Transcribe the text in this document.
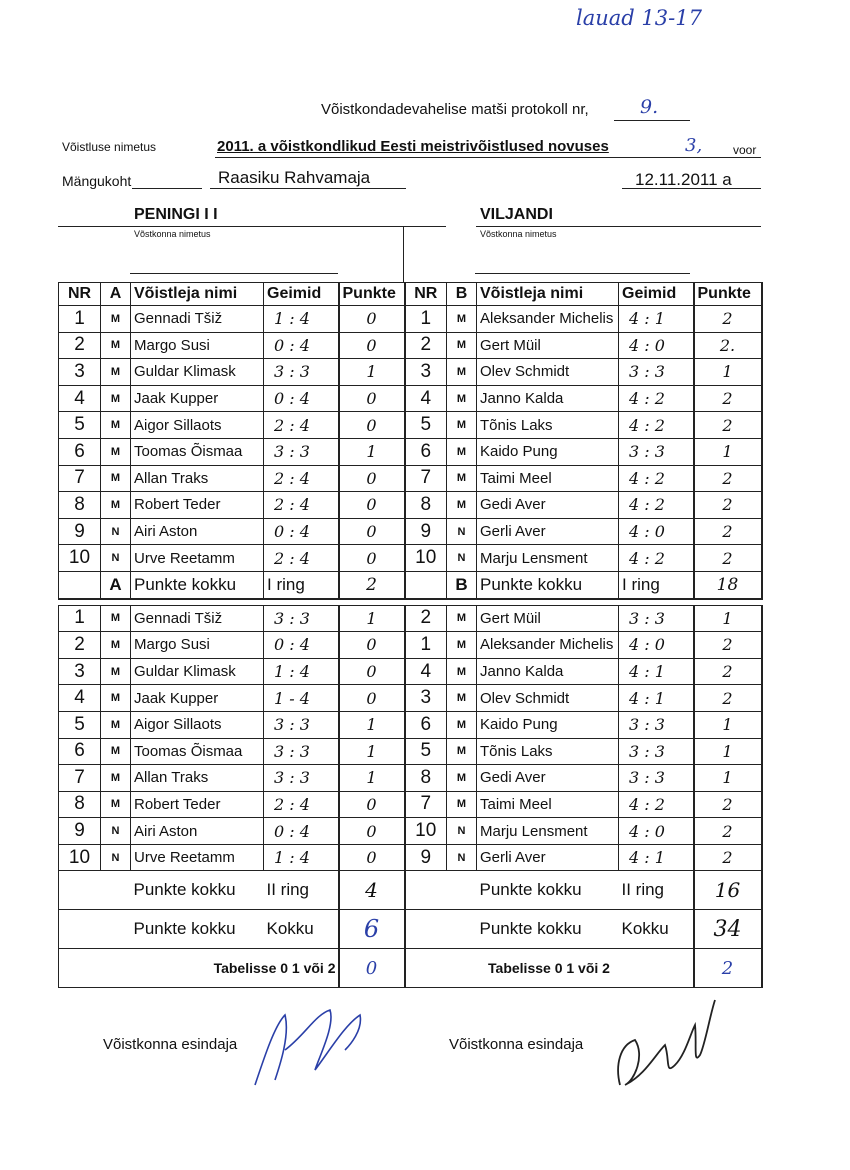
lauad 13-17
Võistkondadevahelise matši protokoll nr,	9.
Võistluse nimetus	2011. a võistkondlikud Eesti meistrivõistlused novuses	3,	voor
Mängukoht	Raasiku Rahvamaja	12.11.2011 a
PENINGI I I
Võstkonna nimetus
VILJANDI
Võstkonna nimetus
NR	A	Võistleja nimi	Geimid	Punkte	NR	B	Võistleja nimi	Geimid	Punkte
1	M	Gennadi Tšiž	1 : 4	0	1	M	Aleksander Michelis	4 : 1	2
2	M	Margo Susi	0 : 4	0	2	M	Gert Müil	4 : 0	2.
3	M	Guldar Klimask	3 : 3	1	3	M	Olev Schmidt	3 : 3	1
4	M	Jaak Kupper	0 : 4	0	4	M	Janno Kalda	4 : 2	2
5	M	Aigor Sillaots	2 : 4	0	5	M	Tõnis Laks	4 : 2	2
6	M	Toomas Õismaa	3 : 3	1	6	M	Kaido Pung	3 : 3	1
7	M	Allan Traks	2 : 4	0	7	M	Taimi Meel	4 : 2	2
8	M	Robert Teder	2 : 4	0	8	M	Gedi Aver	4 : 2	2
9	N	Airi Aston	0 : 4	0	9	N	Gerli Aver	4 : 0	2
10	N	Urve Reetamm	2 : 4	0	10	N	Marju Lensment	4 : 2	2
	A	Punkte kokku	I ring	2		B	Punkte kokku	I ring	18

1	M	Gennadi Tšiž	3 : 3	1	2	M	Gert Müil	3 : 3	1
2	M	Margo Susi	0 : 4	0	1	M	Aleksander Michelis	4 : 0	2
3	M	Guldar Klimask	1 : 4	0	4	M	Janno Kalda	4 : 1	2
4	M	Jaak Kupper	1 - 4	0	3	M	Olev Schmidt	4 : 1	2
5	M	Aigor Sillaots	3 : 3	1	6	M	Kaido Pung	3 : 3	1
6	M	Toomas Õismaa	3 : 3	1	5	M	Tõnis Laks	3 : 3	1
7	M	Allan Traks	3 : 3	1	8	M	Gedi Aver	3 : 3	1
8	M	Robert Teder	2 : 4	0	7	M	Taimi Meel	4 : 2	2
9	N	Airi Aston	0 : 4	0	10	N	Marju Lensment	4 : 0	2
10	N	Urve Reetamm	1 : 4	0	9	N	Gerli Aver	4 : 1	2
		Punkte kokku	II ring	4			Punkte kokku	II ring	16
		Punkte kokku	Kokku	6			Punkte kokku	Kokku	34
Tabelisse 0 1 või 2				0	Tabelisse 0 1 või 2				2
Võistkonna esindaja	Võistkonna esindaja
